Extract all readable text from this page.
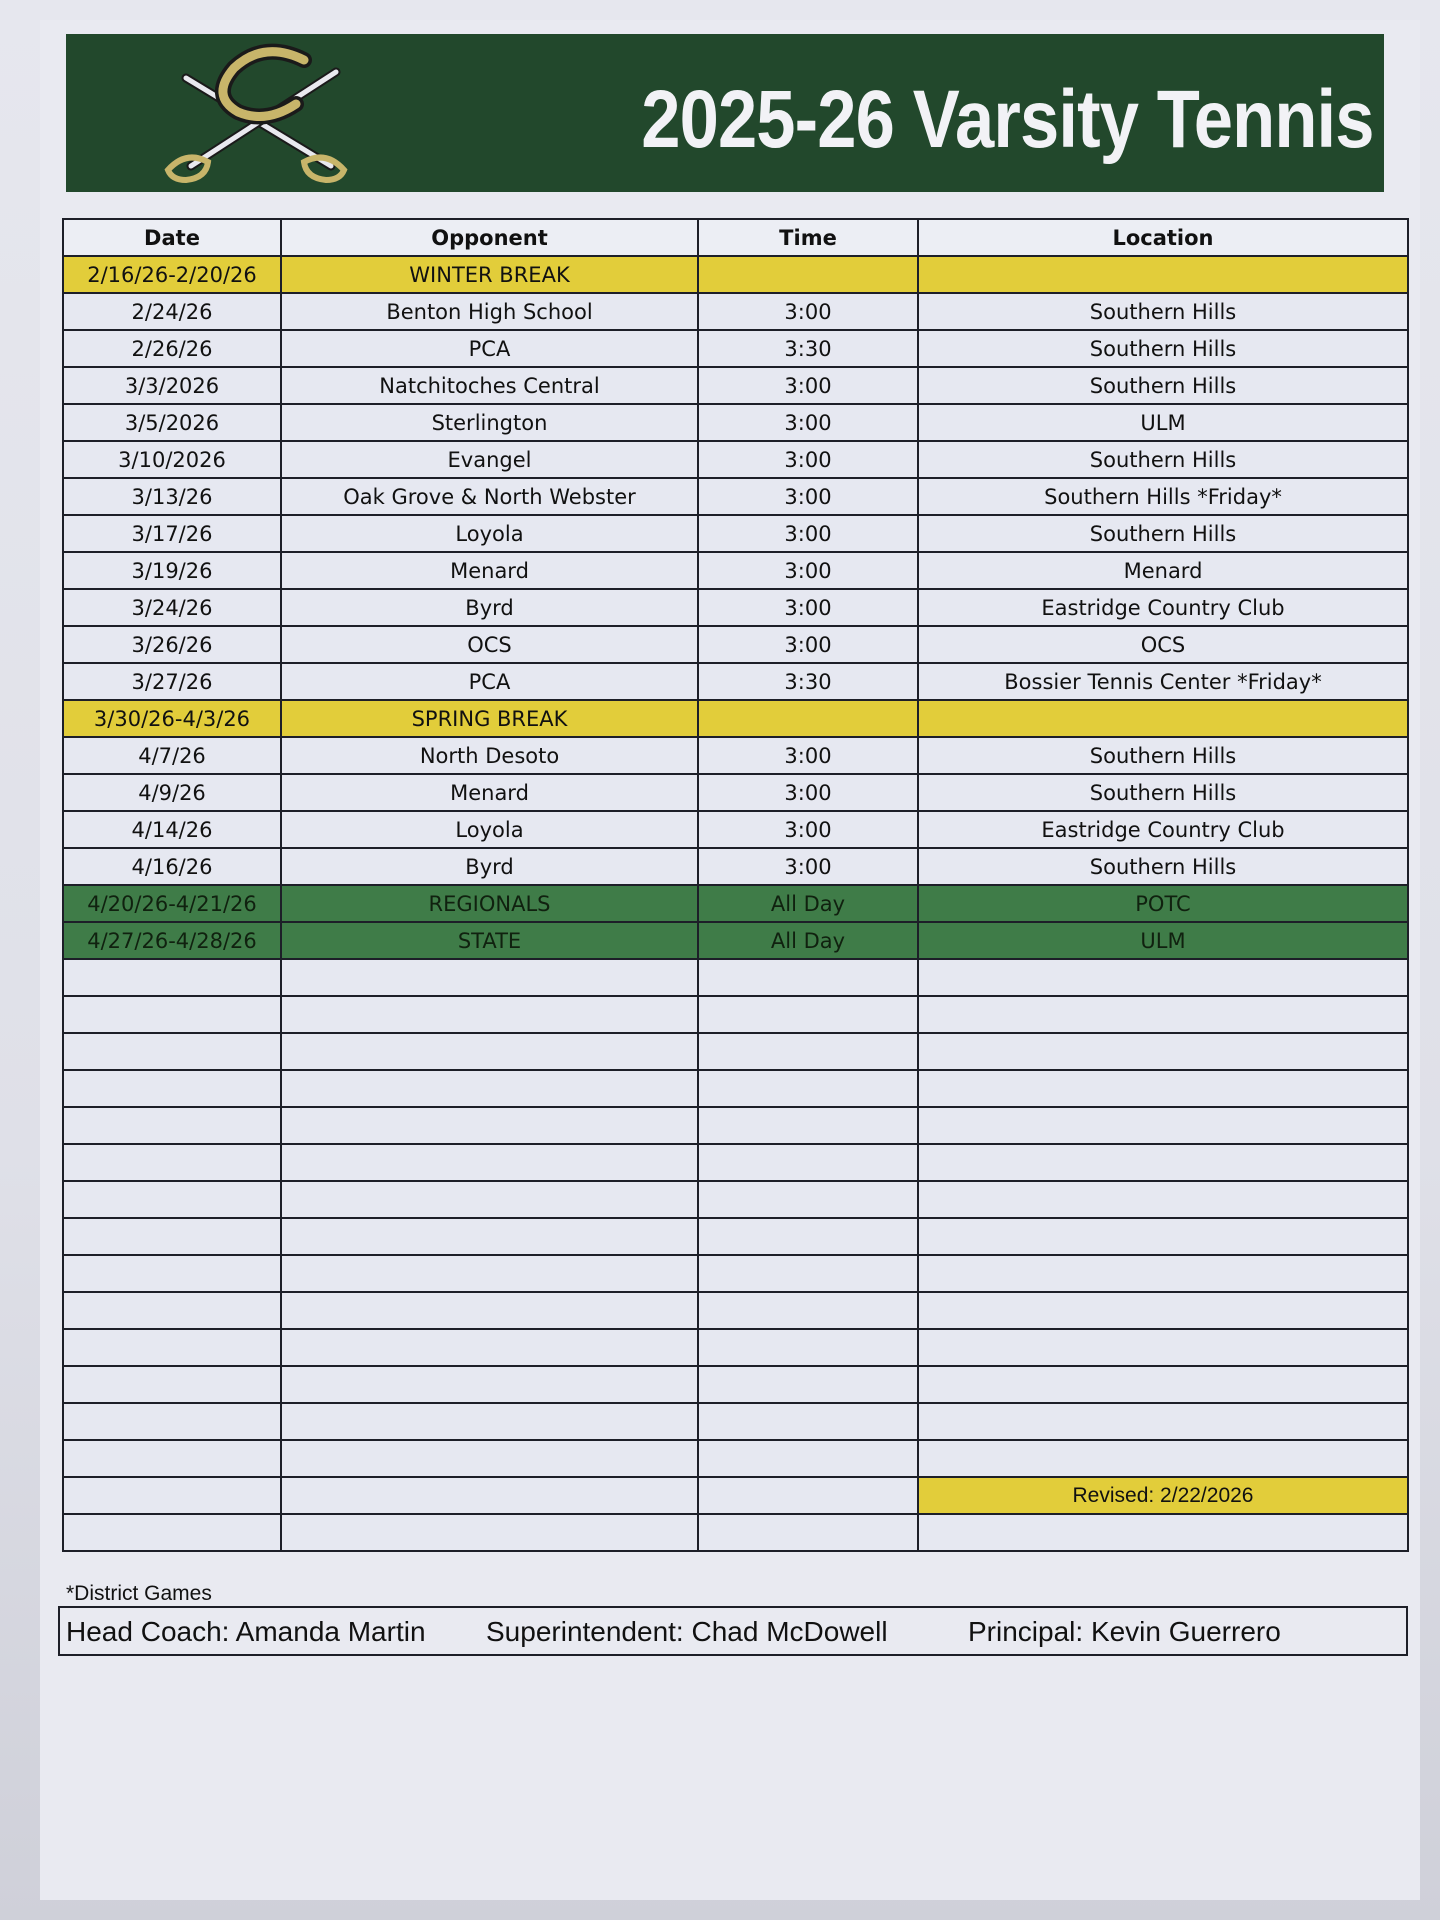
2025-26 Varsity Tennis
Date	Opponent	Time	Location
2/16/26-2/20/26	WINTER BREAK		
2/24/26	Benton High School	3:00	Southern Hills
2/26/26	PCA	3:30	Southern Hills
3/3/2026	Natchitoches Central	3:00	Southern Hills
3/5/2026	Sterlington	3:00	ULM
3/10/2026	Evangel	3:00	Southern Hills
3/13/26	Oak Grove & North Webster	3:00	Southern Hills *Friday*
3/17/26	Loyola	3:00	Southern Hills
3/19/26	Menard	3:00	Menard
3/24/26	Byrd	3:00	Eastridge Country Club
3/26/26	OCS	3:00	OCS
3/27/26	PCA	3:30	Bossier Tennis Center *Friday*
3/30/26-4/3/26	SPRING BREAK		
4/7/26	North Desoto	3:00	Southern Hills
4/9/26	Menard	3:00	Southern Hills
4/14/26	Loyola	3:00	Eastridge Country Club
4/16/26	Byrd	3:00	Southern Hills
4/20/26-4/21/26	REGIONALS	All Day	POTC
4/27/26-4/28/26	STATE	All Day	ULM

			Revised: 2/22/2026

*District Games
Head Coach: Amanda Martin Superintendent: Chad McDowell	Principal: Kevin Guerrero
